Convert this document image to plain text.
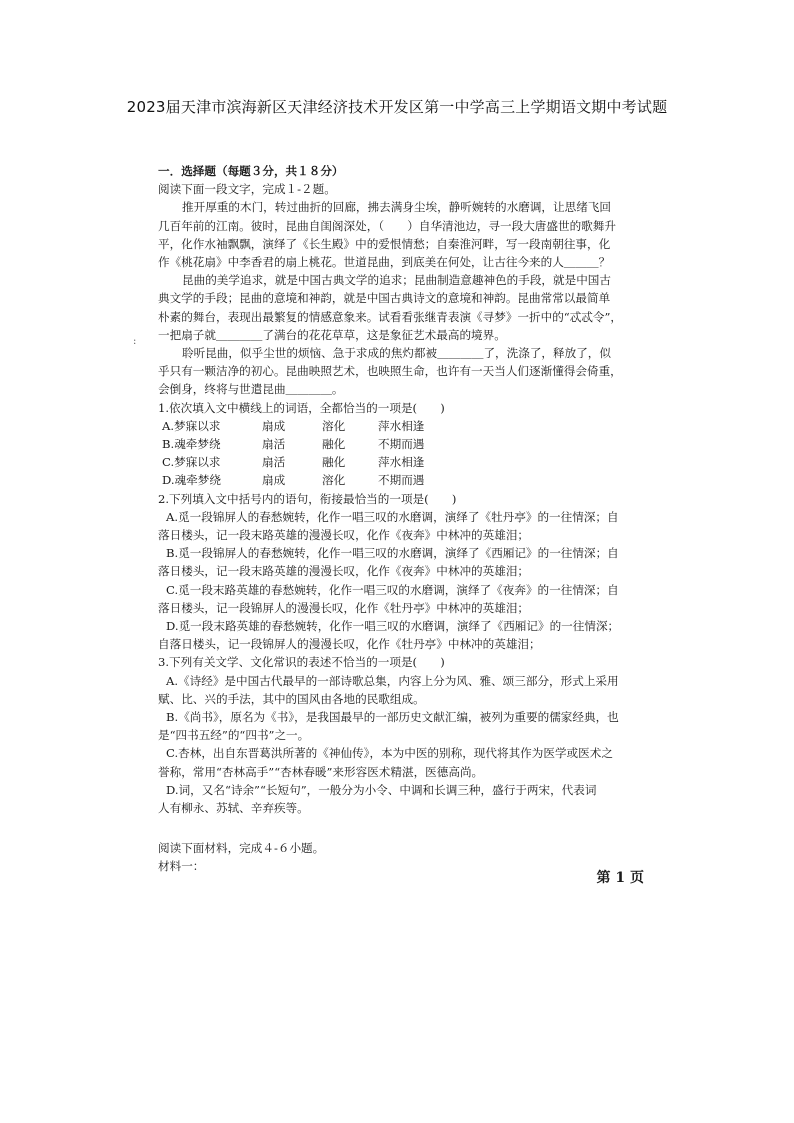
2023届天津市滨海新区天津经济技术开发区第一中学高三上学期语文期中考试题
:
一．选择题（每题３分，共１８分）
阅读下面一段文字，完成１-２题。
推开厚重的木门，转过曲折的回廊，拂去满身尘埃，静听婉转的水磨调，让思绪飞回
几百年前的江南。彼时，昆曲自闺阁深处，（　　）自华清池边，寻一段大唐盛世的歌舞升
平，化作水袖飘飘，演绎了《长生殿》中的爱恨情愁；自秦淮河畔，写一段南朝往事，化
作《桃花扇》中李香君的扇上桃花。世道昆曲，到底美在何处，让古往今来的人＿＿＿？
昆曲的美学追求，就是中国古典文学的追求；昆曲制造意趣神色的手段，就是中国古
典文学的手段；昆曲的意境和神韵，就是中国古典诗文的意境和神韵。昆曲常常以最简单
朴素的舞台，表现出最繁复的情感意象来。试看看张继青表演《寻梦》一折中的“忒忒令”，
一把扇子就＿＿＿＿了满台的花花草草，这是象征艺术最高的境界。
聆听昆曲，似乎尘世的烦恼、急于求成的焦灼都被＿＿＿＿了，洗涤了，释放了，似
乎只有一颗洁净的初心。昆曲映照艺术，也映照生命，也许有一天当人们逐渐懂得会倚重，
会倒身，终将与世遣昆曲＿＿＿＿。
1.依次填入文中横线上的词语，全都恰当的一项是(　　)
A.梦寐以求	扇成	溶化	萍水相逢
B.魂牵梦绕	扇活	融化	不期而遇
C.梦寐以求	扇活	融化	萍水相逢
D.魂牵梦绕	扇成	溶化	不期而遇
2.下列填入文中括号内的语句，衔接最恰当的一项是(　　)
A.觅一段锦屏人的春愁婉转，化作一唱三叹的水磨调，演绎了《牡丹亭》的一往情深；自
落日楼头，记一段末路英雄的漫漫长叹，化作《夜奔》中林冲的英雄泪；
B.觅一段锦屏人的春愁婉转，化作一唱三叹的水磨调，演绎了《西厢记》的一往情深；自
落日楼头，记一段末路英雄的漫漫长叹，化作《夜奔》中林冲的英雄泪；
C.觅一段末路英雄的春愁婉转，化作一唱三叹的水磨调，演绎了《夜奔》的一往情深；自
落日楼头，记一段锦屏人的漫漫长叹，化作《牡丹亭》中林冲的英雄泪；
D.觅一段末路英雄的春愁婉转，化作一唱三叹的水磨调，演绎了《西厢记》的一往情深；
自落日楼头，记一段锦屏人的漫漫长叹，化作《牡丹亭》中林冲的英雄泪；
3.下列有关文学、文化常识的表述不恰当的一项是(　　)
A.《诗经》是中国古代最早的一部诗歌总集，内容上分为风、雅、颂三部分，形式上采用
赋、比、兴的手法，其中的国风由各地的民歌组成。
B.《尚书》，原名为《书》，是我国最早的一部历史文献汇编，被列为重要的儒家经典，也
是“四书五经”的“四书”之一。
C.杏林，出自东晋葛洪所著的《神仙传》，本为中医的别称，现代将其作为医学或医术之
誉称，常用“杏林高手”“杏林春暖”来形容医术精湛，医德高尚。
D.词，又名“诗余”“长短句”，一般分为小令、中调和长调三种，盛行于两宋，代表词
人有柳永、苏轼、辛弃疾等。
阅读下面材料，完成４-６小题。
材料一：
第 1 页
